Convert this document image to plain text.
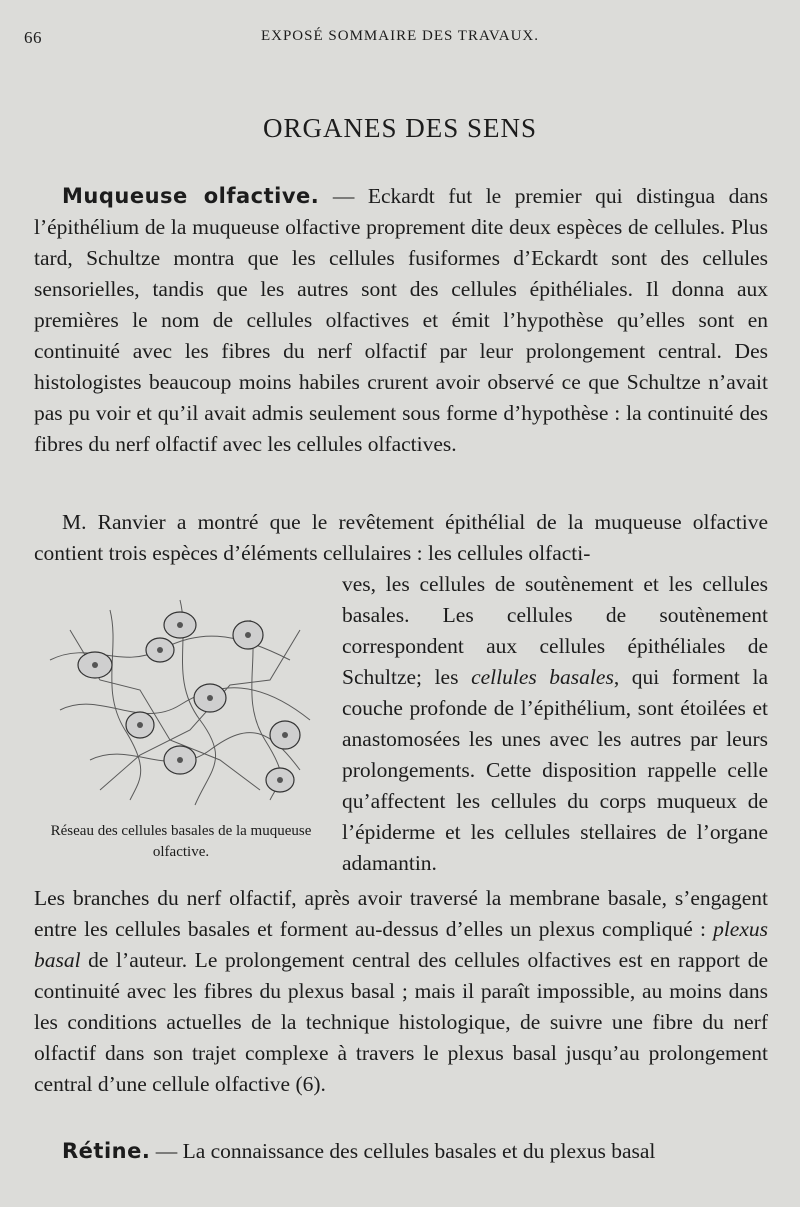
66	EXPOSÉ SOMMAIRE DES TRAVAUX.
ORGANES DES SENS
Muqueuse olfactive. — Eckardt fut le premier qui distingua dans l’épithélium de la muqueuse olfactive proprement dite deux espèces de cellules. Plus tard, Schultze montra que les cellules fusiformes d’Eckardt sont des cellules sensorielles, tandis que les autres sont des cellules épithéliales. Il donna aux premières le nom de cellules olfactives et émit l’hypothèse qu’elles sont en continuité avec les fibres du nerf olfactif par leur prolongement central. Des histologistes beaucoup moins habiles crurent avoir observé ce que Schultze n’avait pas pu voir et qu’il avait admis seulement sous forme d’hypothèse : la continuité des fibres du nerf olfactif avec les cellules olfactives.
M. Ranvier a montré que le revêtement épithélial de la muqueuse olfactive contient trois espèces d’éléments cellulaires : les cellules olfacti-
ves, les cellules de soutènement et les cellules basales. Les cellules de soutènement correspondent aux cellules épithéliales de Schultze; les cellules basales, qui forment la couche profonde de l’épithélium, sont étoilées et anastomosées les unes avec les autres par leurs prolongements. Cette disposition rappelle celle qu’affectent les cellules du corps muqueux de l’épiderme et les cellules stellaires de l’organe adamantin.
Réseau des cellules basales de la muqueuse olfactive.
Les branches du nerf olfactif, après avoir traversé la membrane basale, s’engagent entre les cellules basales et forment au-dessus d’elles un plexus compliqué : plexus basal de l’auteur. Le prolongement central des cellules olfactives est en rapport de continuité avec les fibres du plexus basal ; mais il paraît impossible, au moins dans les conditions actuelles de la technique histologique, de suivre une fibre du nerf olfactif dans son trajet complexe à travers le plexus basal jusqu’au prolongement central d’une cellule olfactive (6).
Rétine. — La connaissance des cellules basales et du plexus basal
